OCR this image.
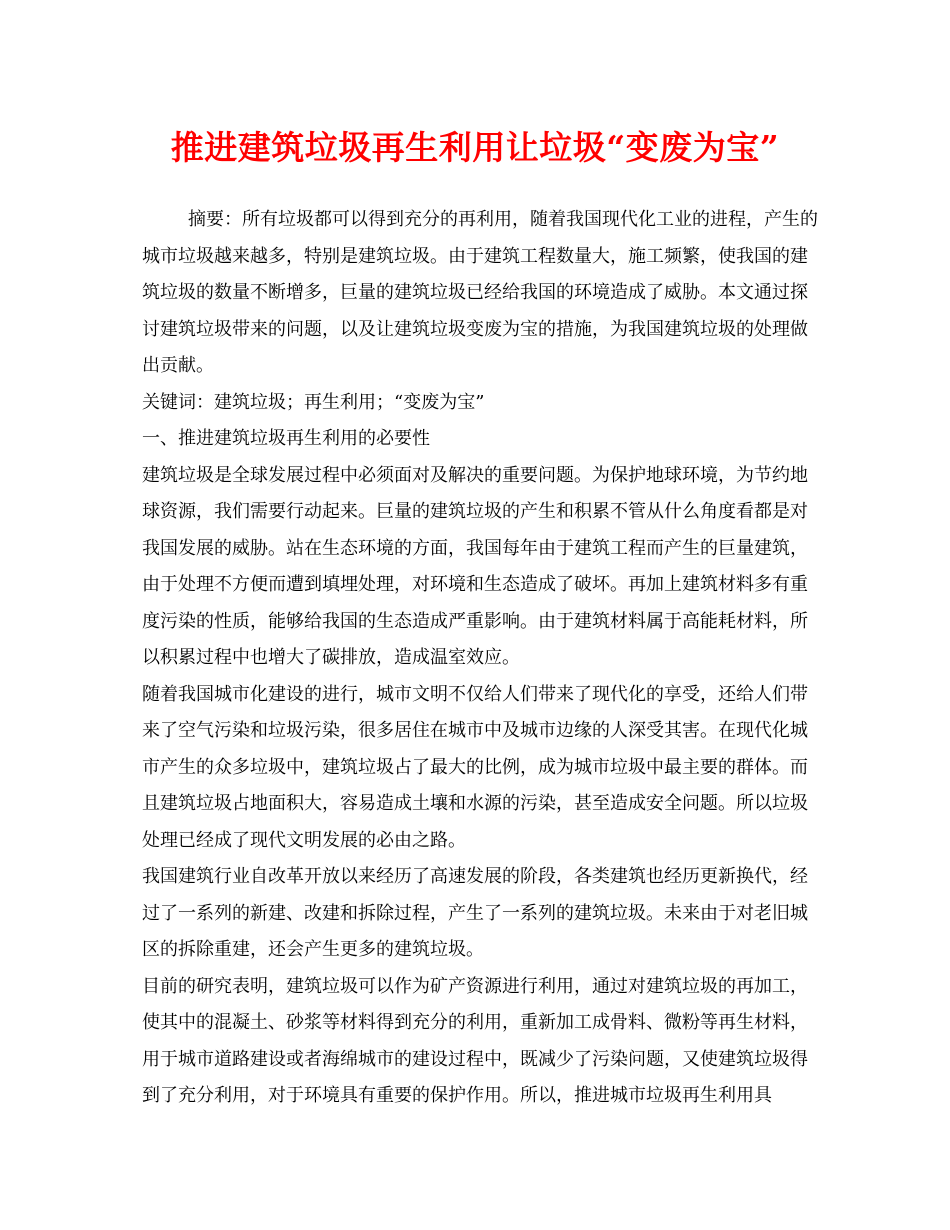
推进建筑垃圾再生利用让垃圾“变废为宝”

摘要：所有垃圾都可以得到充分的再利用，随着我国现代化工业的进程，产生的城市垃圾越来越多，特别是建筑垃圾。由于建筑工程数量大，施工频繁，使我国的建筑垃圾的数量不断增多，巨量的建筑垃圾已经给我国的环境造成了威胁。本文通过探讨建筑垃圾带来的问题，以及让建筑垃圾变废为宝的措施，为我国建筑垃圾的处理做出贡献。

关键词：建筑垃圾；再生利用；“变废为宝”

一、推进建筑垃圾再生利用的必要性

建筑垃圾是全球发展过程中必须面对及解决的重要问题。为保护地球环境，为节约地球资源，我们需要行动起来。巨量的建筑垃圾的产生和积累不管从什么角度看都是对我国发展的威胁。站在生态环境的方面，我国每年由于建筑工程而产生的巨量建筑，由于处理不方便而遭到填埋处理，对环境和生态造成了破坏。再加上建筑材料多有重度污染的性质，能够给我国的生态造成严重影响。由于建筑材料属于高能耗材料，所以积累过程中也增大了碳排放，造成温室效应。

随着我国城市化建设的进行，城市文明不仅给人们带来了现代化的享受，还给人们带来了空气污染和垃圾污染，很多居住在城市中及城市边缘的人深受其害。在现代化城市产生的众多垃圾中，建筑垃圾占了最大的比例，成为城市垃圾中最主要的群体。而且建筑垃圾占地面积大，容易造成土壤和水源的污染，甚至造成安全问题。所以垃圾处理已经成了现代文明发展的必由之路。

我国建筑行业自改革开放以来经历了高速发展的阶段，各类建筑也经历更新换代，经过了一系列的新建、改建和拆除过程，产生了一系列的建筑垃圾。未来由于对老旧城区的拆除重建，还会产生更多的建筑垃圾。

目前的研究表明，建筑垃圾可以作为矿产资源进行利用，通过对建筑垃圾的再加工，使其中的混凝土、砂浆等材料得到充分的利用，重新加工成骨料、微粉等再生材料，用于城市道路建设或者海绵城市的建设过程中，既减少了污染问题，又使建筑垃圾得到了充分利用，对于环境具有重要的保护作用。所以，推进城市垃圾再生利用具
